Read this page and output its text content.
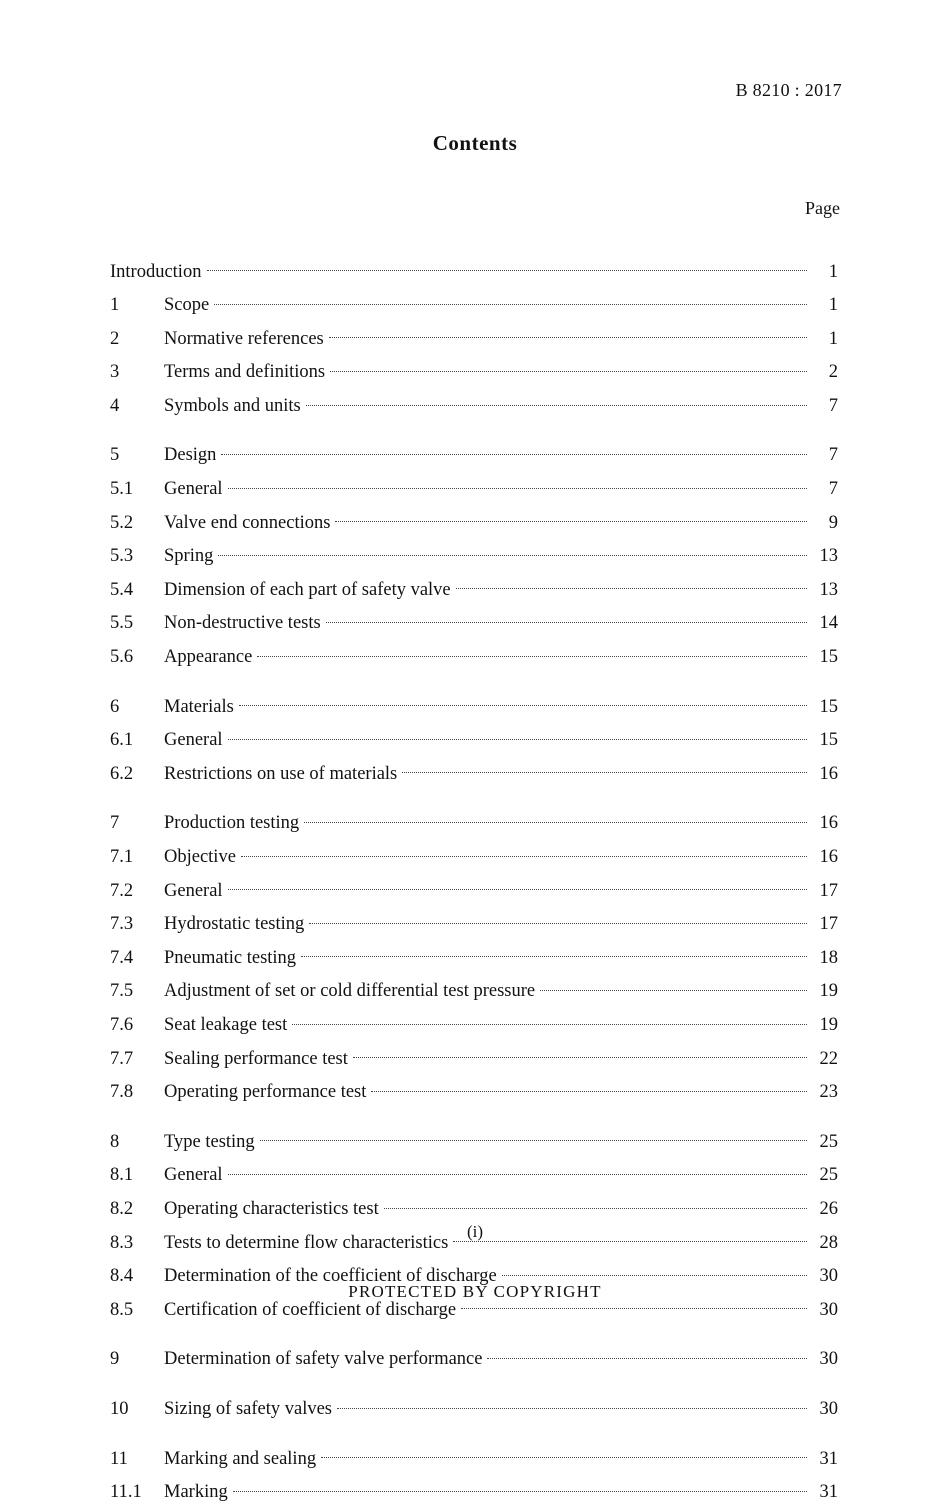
B 8210 : 2017
Contents
Page
Introduction	1
1	Scope	1
2	Normative references	1
3	Terms and definitions	2
4	Symbols and units	7
5	Design	7
5.1	General	7
5.2	Valve end connections	9
5.3	Spring	13
5.4	Dimension of each part of safety valve	13
5.5	Non-destructive tests	14
5.6	Appearance	15
6	Materials	15
6.1	General	15
6.2	Restrictions on use of materials	16
7	Production testing	16
7.1	Objective	16
7.2	General	17
7.3	Hydrostatic testing	17
7.4	Pneumatic testing	18
7.5	Adjustment of set or cold differential test pressure	19
7.6	Seat leakage test	19
7.7	Sealing performance test	22
7.8	Operating performance test	23
8	Type testing	25
8.1	General	25
8.2	Operating characteristics test	26
8.3	Tests to determine flow characteristics	28
8.4	Determination of the coefficient of discharge	30
8.5	Certification of coefficient of discharge	30
9	Determination of safety valve performance	30
10	Sizing of safety valves	30
11	Marking and sealing	31
11.1	Marking	31
(i)
PROTECTED BY COPYRIGHT
